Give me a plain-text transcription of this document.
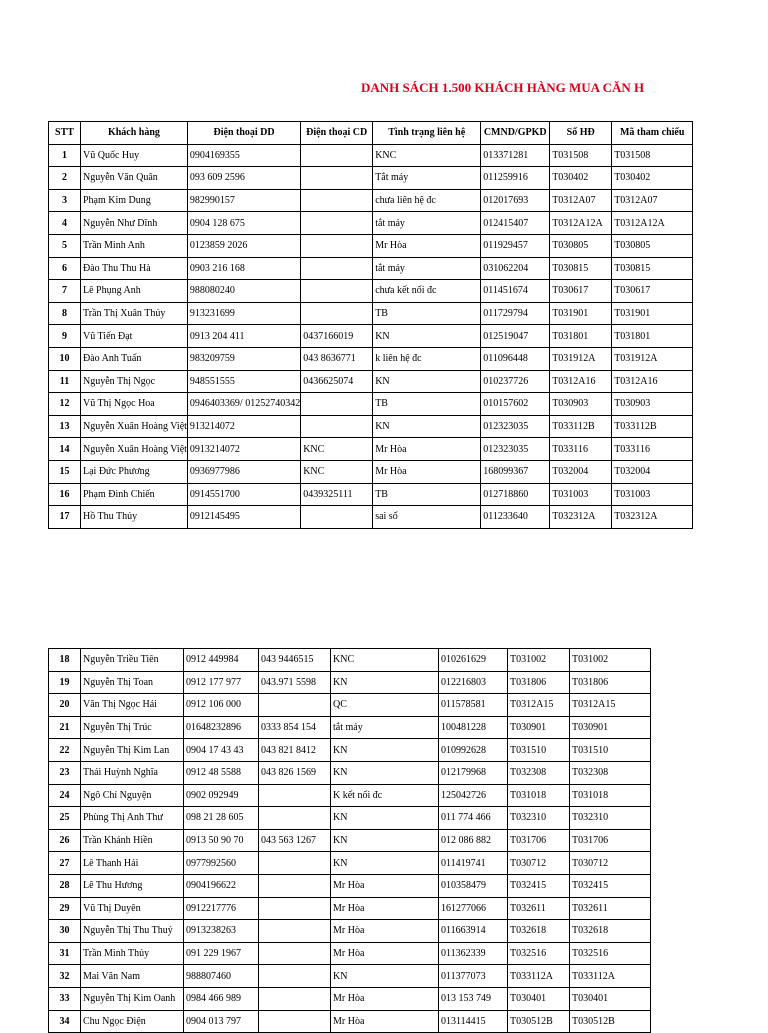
DANH SÁCH 1.500 KHÁCH HÀNG MUA CĂN H
STT	Khách hàng	Điện thoại DD	Điện thoại CD	Tình trạng liên hệ	CMND/GPKD	Số HĐ	Mã tham chiếu
1	Vũ Quốc Huy	0904169355		KNC	013371281	T031508	T031508
2	Nguyễn Văn Quân	093 609 2596		Tắt máy	011259916	T030402	T030402
3	Phạm Kim Dung	982990157		chưa liên hệ đc	012017693	T0312A07	T0312A07
4	Nguyễn Như Dĩnh	0904 128 675		tắt máy	012415407	T0312A12A	T0312A12A
5	Trần Minh Anh	0123859 2026		Mr Hòa	011929457	T030805	T030805
6	Đào Thu Thu Hà	0903 216 168		tắt máy	031062204	T030815	T030815
7	Lê Phụng Anh	988080240		chưa kết nối đc	011451674	T030617	T030617
8	Trần Thị Xuân Thủy	913231699		TB	011729794	T031901	T031901
9	Vũ Tiến Đạt	0913 204 411	0437166019	KN	012519047	T031801	T031801
10	Đào Anh Tuấn	983209759	043 8636771	k liên hệ đc	011096448	T031912A	T031912A
11	Nguyễn Thị Ngọc	948551555	0436625074	KN	010237726	T0312A16	T0312A16
12	Vũ Thị Ngọc Hoa	0946403369/ 01252740342		TB	010157602	T030903	T030903
13	Nguyễn Xuân Hoàng Việt	913214072		KN	012323035	T033112B	T033112B
14	Nguyễn Xuân Hoàng Việt	0913214072	KNC	Mr Hòa	012323035	T033116	T033116
15	Lại Đức Phương	0936977986	KNC	Mr Hòa	168099367	T032004	T032004
16	Phạm Đình Chiến	0914551700	0439325111	TB	012718860	T031003	T031003
17	Hồ Thu Thủy	0912145495		sai số	011233640	T032312A	T032312A
18	Nguyễn Triều Tiên	0912 449984	043 9446515	KNC	010261629	T031002	T031002
19	Nguyễn Thị Toan	0912 177 977	043.971 5598	KN	012216803	T031806	T031806
20	Văn Thị Ngọc Hải	0912 106 000		QC	011578581	T0312A15	T0312A15
21	Nguyễn Thị Trúc	01648232896	0333 854 154	tắt máy	100481228	T030901	T030901
22	Nguyễn Thị Kim Lan	0904 17 43 43	043 821 8412	KN	010992628	T031510	T031510
23	Thái Huỳnh Nghĩa	0912 48 5588	043 826 1569	KN	012179968	T032308	T032308
24	Ngô Chí Nguyện	0902 092949		K kết nối đc	125042726	T031018	T031018
25	Phùng Thị Anh Thư	098 21 28 605		KN	011 774 466	T032310	T032310
26	Trần Khánh Hiền	0913 50 90 70	043 563 1267	KN	012 086 882	T031706	T031706
27	Lê Thanh Hải	0977992560		KN	011419741	T030712	T030712
28	Lê Thu Hương	0904196622		Mr Hòa	010358479	T032415	T032415
29	Vũ Thị Duyên	0912217776		Mr Hòa	161277066	T032611	T032611
30	Nguyễn Thị Thu Thuỷ	0913238263		Mr Hòa	011663914	T032618	T032618
31	Trần Minh Thủy	091 229 1967		Mr Hòa	011362339	T032516	T032516
32	Mai Văn Nam	988807460		KN	011377073	T033112A	T033112A
33	Nguyễn Thị Kim Oanh	0984 466 989		Mr Hòa	013 153 749	T030401	T030401
34	Chu Ngọc Điện	0904 013 797		Mr Hòa	013114415	T030512B	T030512B
